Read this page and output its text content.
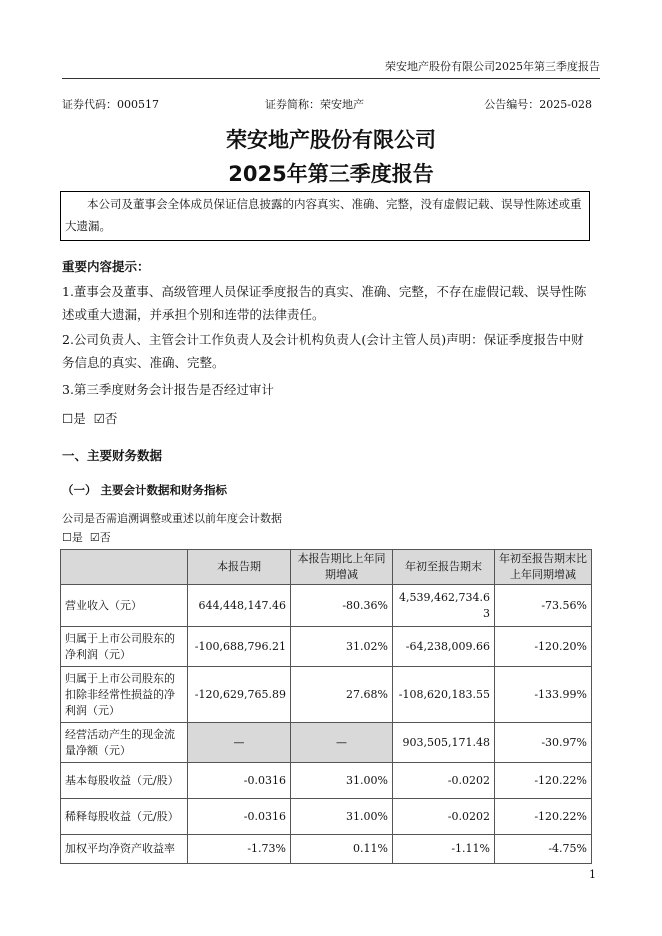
荣安地产股份有限公司2025年第三季度报告
证券代码：000517	证券简称：荣安地产	公告编号：2025-028
荣安地产股份有限公司
2025年第三季度报告
本公司及董事会全体成员保证信息披露的内容真实、准确、完整，没有虚假记载、误导性陈述或重大遗漏。
重要内容提示：
1.董事会及董事、高级管理人员保证季度报告的真实、准确、完整，不存在虚假记载、误导性陈述或重大遗漏，并承担个别和连带的法律责任。
2.公司负责人、主管会计工作负责人及会计机构负责人(会计主管人员)声明：保证季度报告中财务信息的真实、准确、完整。
3.第三季度财务会计报告是否经过审计
☐是 ☑否
一、主要财务数据
（一） 主要会计数据和财务指标
公司是否需追溯调整或重述以前年度会计数据
☐是 ☑否
	本报告期	本报告期比上年同期增减	年初至报告期末	年初至报告期末比上年同期增减
营业收入（元）	644,448,147.46	-80.36%	4,539,462,734.63	-73.56%
归属于上市公司股东的净利润（元）	-100,688,796.21	31.02%	-64,238,009.66	-120.20%
归属于上市公司股东的扣除非经常性损益的净利润（元）	-120,629,765.89	27.68%	-108,620,183.55	-133.99%
经营活动产生的现金流量净额（元）	—	—	903,505,171.48	-30.97%
基本每股收益（元/股）	-0.0316	31.00%	-0.0202	-120.22%
稀释每股收益（元/股）	-0.0316	31.00%	-0.0202	-120.22%
加权平均净资产收益率	-1.73%	0.11%	-1.11%	-4.75%
1
